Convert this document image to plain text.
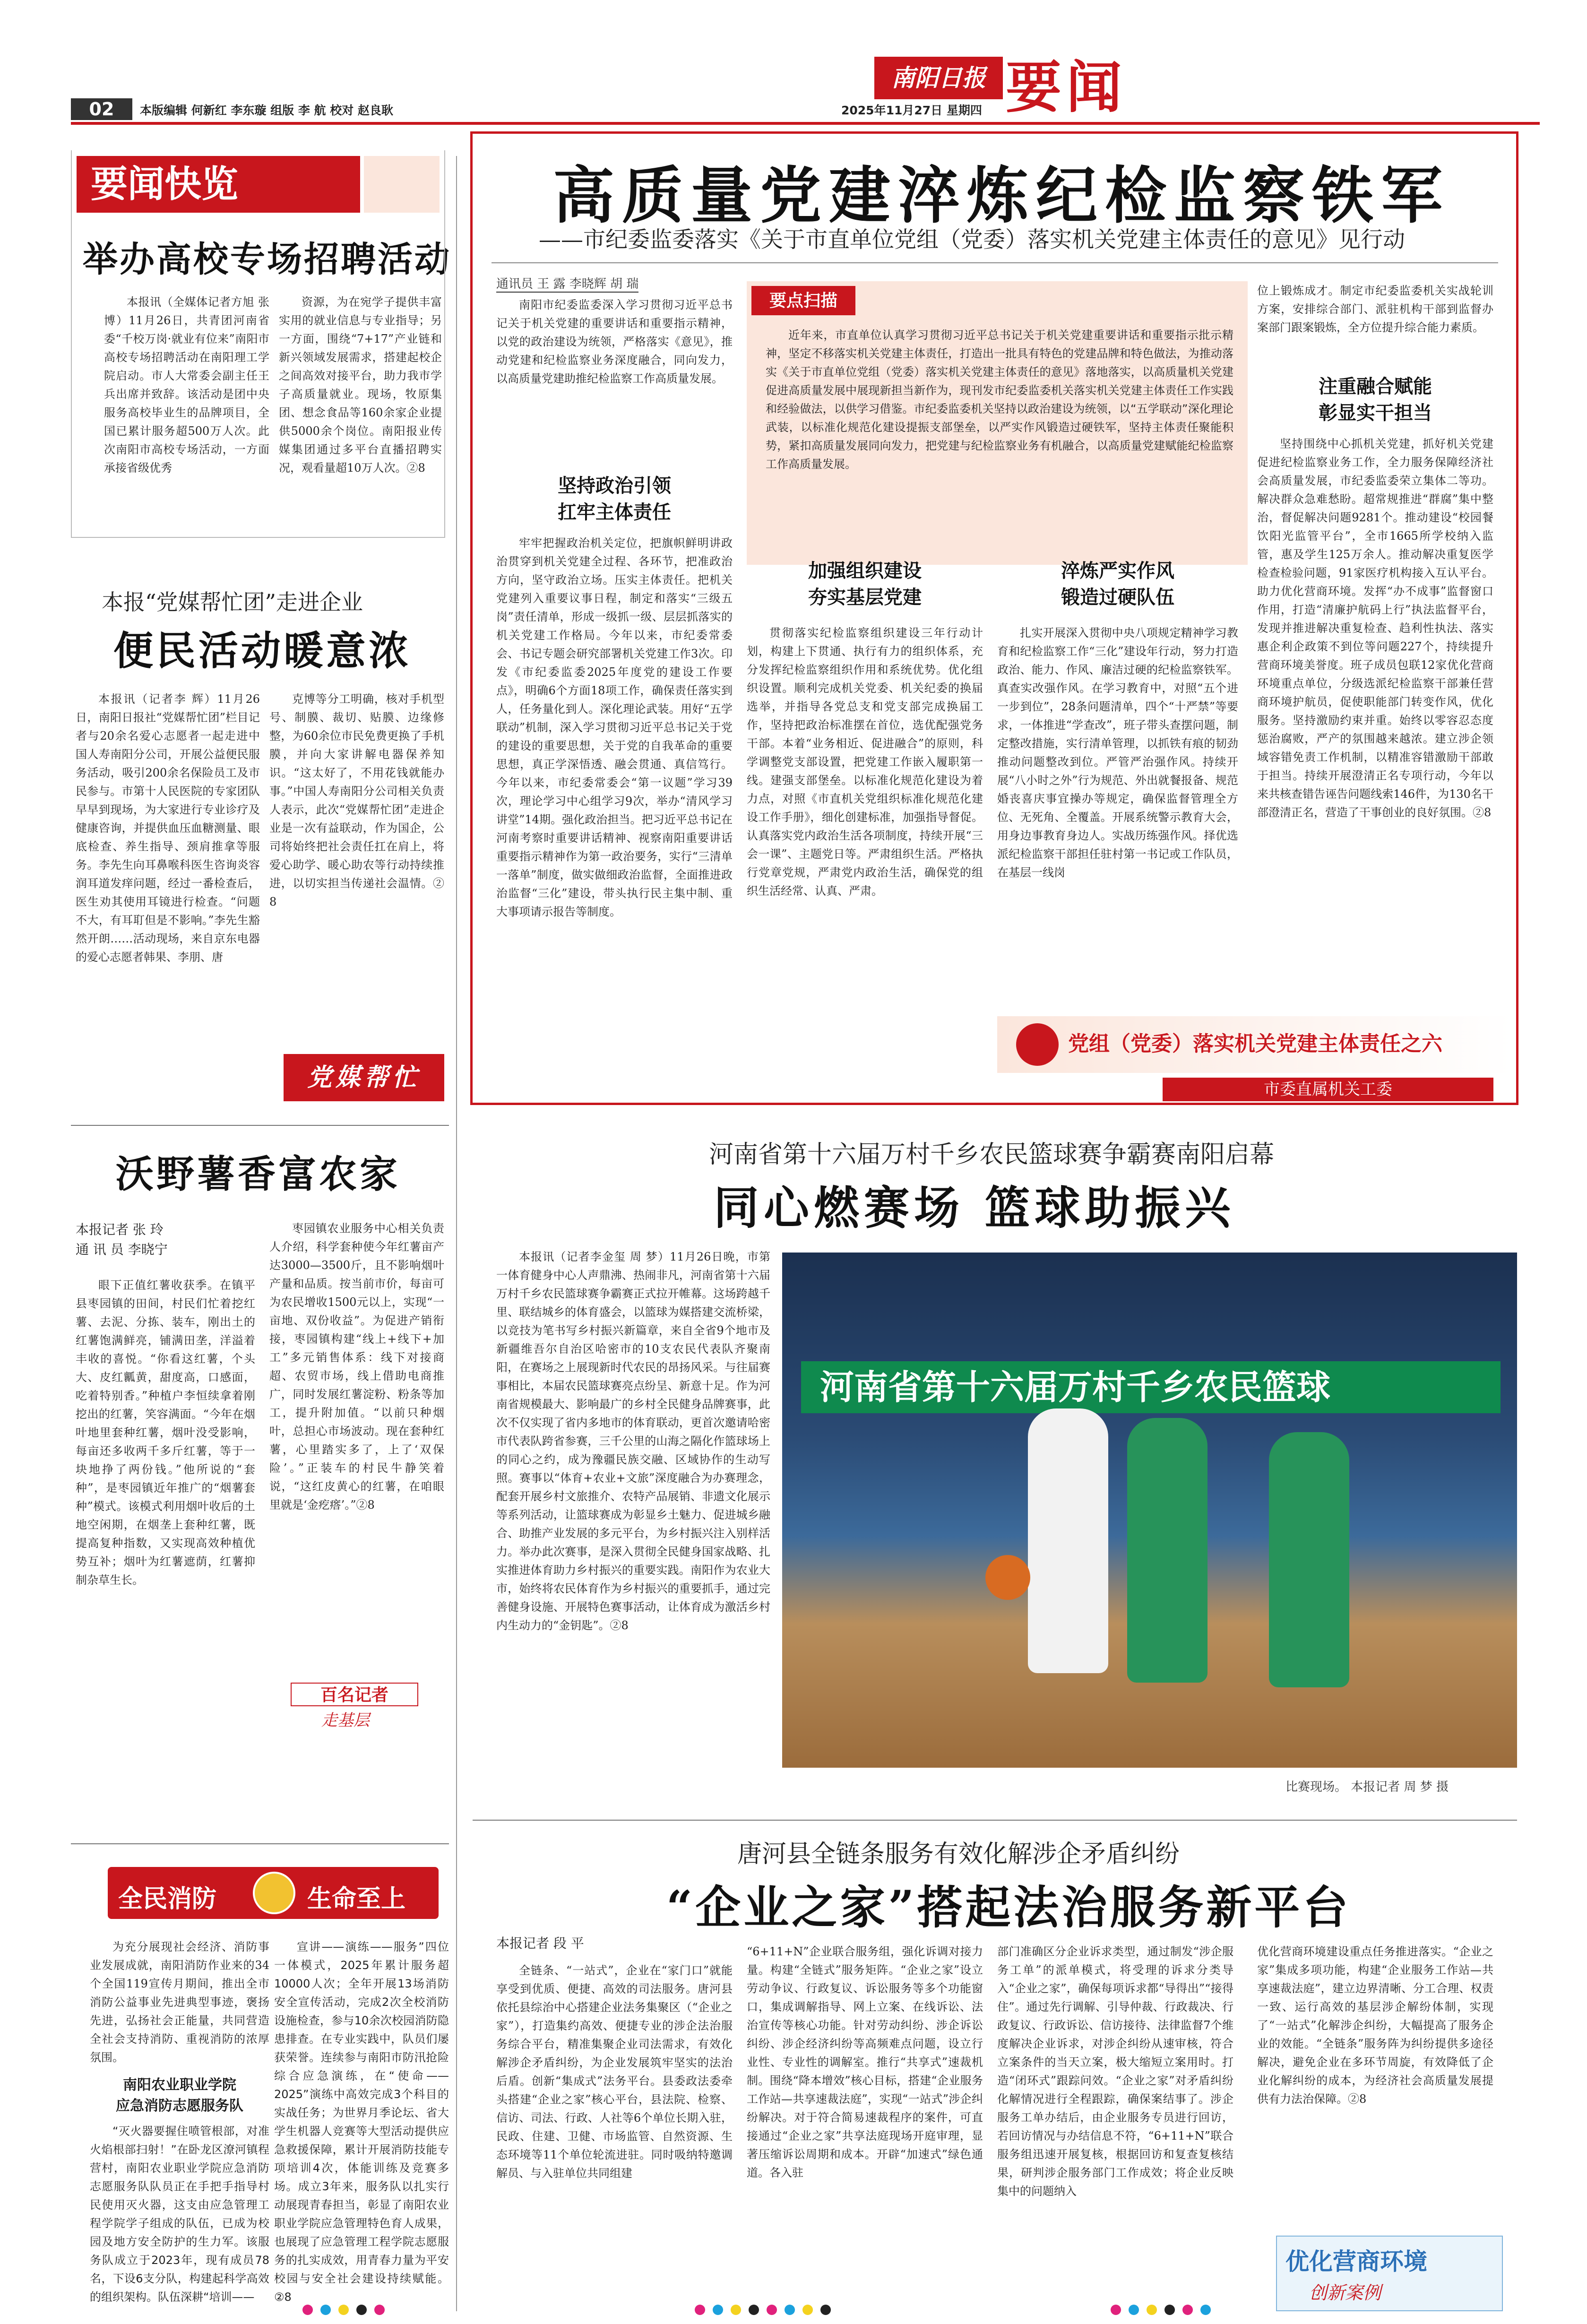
02	本版编辑 何新红 李东璇 组版 李 航 校对 赵良耿	2025年11月27日 星期四
南阳日报 要闻
要闻快览
举办高校专场招聘活动

本报讯（全媒体记者方旭 张 博）11月26日，共青团河南省委“千校万岗·就业有位来”南阳市高校专场招聘活动在南阳理工学院启动。市人大常委会副主任王兵出席并致辞。该活动是团中央服务高校毕业生的品牌项目，全国已累计服务超500万人次。此次南阳市高校专场活动，一方面承接省级优秀

资源，为在宛学子提供丰富实用的就业信息与专业指导；另一方面，围绕“7+17”产业链和新兴领域发展需求，搭建起校企之间高效对接平台，助力我市学子高质量就业。现场，牧原集团、想念食品等160余家企业提供5000余个岗位。南阳报业传媒集团通过多平台直播招聘实况，观看量超10万人次。②8

本报“党媒帮忙团”走进企业
便民活动暖意浓

本报讯（记者李 辉）11月26日，南阳日报社“党媒帮忙团”栏目记者与20余名爱心志愿者一起走进中国人寿南阳分公司，开展公益便民服务活动，吸引200余名保险员工及市民参与。市第十人民医院的专家团队早早到现场，为大家进行专业诊疗及健康咨询，并提供血压血糖测量、眼底检查、养生指导、颈肩推拿等服务。李先生向耳鼻喉科医生咨询炎容润耳道发痒问题，经过一番检查后，医生劝其使用耳镜进行检查。“问题不大，有耳耵但是不影响。”李先生豁然开朗……活动现场，来自京东电器的爱心志愿者韩果、李朋、唐

克博等分工明确，核对手机型号、制膜、裁切、贴膜、边缘修整，为60余位市民免费更换了手机膜，并向大家讲解电器保养知识。“这太好了，不用花钱就能办事。”中国人寿南阳分公司相关负责人表示，此次“党媒帮忙团”走进企业是一次有益联动，作为国企，公司将始终把社会责任扛在肩上，将爱心助学、暖心助农等行动持续推进，以切实担当传递社会温情。②8

党媒帮忙
高质量党建淬炼纪检监察铁军
——市纪委监委落实《关于市直单位党组（党委）落实机关党建主体责任的意见》见行动
通讯员 王 露 李晓辉 胡 瑞

南阳市纪委监委深入学习贯彻习近平总书记关于机关党建的重要讲话和重要指示精神，以党的政治建设为统领，严格落实《意见》，推动党建和纪检监察业务深度融合，同向发力，以高质量党建助推纪检监察工作高质量发展。

坚持政治引领
扛牢主体责任

牢牢把握政治机关定位，把旗帜鲜明讲政治贯穿到机关党建全过程、各环节，把准政治方向，坚守政治立场。压实主体责任。把机关党建列入重要议事日程，制定和落实“三级五岗”责任清单，形成一级抓一级、层层抓落实的机关党建工作格局。今年以来，市纪委常委会、书记专题会研究部署机关党建工作3次。印发《市纪委监委2025年度党的建设工作要点》，明确6个方面18项工作，确保责任落实到人，任务量化到人。深化理论武装。用好“五学联动”机制，深入学习贯彻习近平总书记关于党的建设的重要思想，关于党的自我革命的重要思想，真正学深悟透、融会贯通、真信笃行。今年以来，市纪委常委会“第一议题”学习39次，理论学习中心组学习9次，举办“清风学习讲堂”14期。强化政治担当。把习近平总书记在河南考察时重要讲话精神、视察南阳重要讲话重要指示精神作为第一政治要务，实行“三清单一落单”制度，做实做细政治监督，全面推进政治监督“三化”建设，带头执行民主集中制、重大事项请示报告等制度。

要点扫描

近年来，市直单位认真学习贯彻习近平总书记关于机关党建重要讲话和重要指示批示精神，坚定不移落实机关党建主体责任，打造出一批具有特色的党建品牌和特色做法，为推动落实《关于市直单位党组（党委）落实机关党建主体责任的意见》落地落实，以高质量机关党建促进高质量发展中展现新担当新作为，现刊发市纪委监委机关落实机关党建主体责任工作实践和经验做法，以供学习借鉴。市纪委监委机关坚持以政治建设为统领，以“五学联动”深化理论武装，以标准化规范化建设提振支部堡垒，以严实作风锻造过硬铁军，坚持主体责任聚能积势，紧扣高质量发展同向发力，把党建与纪检监察业务有机融合，以高质量党建赋能纪检监察工作高质量发展。

加强组织建设
夯实基层党建

贯彻落实纪检监察组织建设三年行动计划，构建上下贯通、执行有力的组织体系，充分发挥纪检监察组织作用和系统优势。优化组织设置。顺利完成机关党委、机关纪委的换届选举，并指导各党总支和党支部完成换届工作，坚持把政治标准摆在首位，选优配强党务干部。本着“业务相近、促进融合”的原则，科学调整党支部设置，把党建工作嵌入履职第一线。建强支部堡垒。以标准化规范化建设为着力点，对照《市直机关党组织标准化规范化建设工作手册》，细化创建标准，加强指导督促。认真落实党内政治生活各项制度，持续开展“三会一课”、主题党日等。严肃组织生活。严格执行党章党规，严肃党内政治生活，确保党的组织生活经常、认真、严肃。

淬炼严实作风
锻造过硬队伍

扎实开展深入贯彻中央八项规定精神学习教育和纪检监察工作“三化”建设年行动，努力打造政治、能力、作风、廉洁过硬的纪检监察铁军。真查实改强作风。在学习教育中，对照“五个进一步到位”，28条问题清单，四个“十严禁”等要求，一体推进“学查改”，班子带头查摆问题，制定整改措施，实行清单管理，以抓铁有痕的韧劲推动问题整改到位。严管严治强作风。持续开展“八小时之外”行为规范、外出就餐报备、规范婚丧喜庆事宜操办等规定，确保监督管理全方位、无死角、全覆盖。开展系统警示教育大会，用身边事教育身边人。实战历练强作风。择优选派纪检监察干部担任驻村第一书记或工作队员，在基层一线岗

位上锻炼成才。制定市纪委监委机关实战轮训方案，安排综合部门、派驻机构干部到监督办案部门跟案锻炼，全方位提升综合能力素质。

注重融合赋能
彰显实干担当

坚持围绕中心抓机关党建，抓好机关党建促进纪检监察业务工作，全力服务保障经济社会高质量发展，市纪委监委荣立集体二等功。解决群众急难愁盼。超常规推进“群腐”集中整治，督促解决问题9281个。推动建设“校园餐饮阳光监管平台”，全市1665所学校纳入监管，惠及学生125万余人。推动解决重复医学检查检验问题，91家医疗机构接入互认平台。助力优化营商环境。发挥“办不成事”监督窗口作用，打造“清廉护航码上行”执法监督平台，发现并推进解决重复检查、趋利性执法、落实惠企利企政策不到位等问题227个，持续提升营商环境美誉度。班子成员包联12家优化营商环境重点单位，分级选派纪检监察干部兼任营商环境护航员，促使职能部门转变作风，优化服务。坚持激励约束并重。始终以零容忍态度惩治腐败，严产的氛围越来越浓。建立涉企领域容错免责工作机制，以精准容错激励干部敢于担当。持续开展澄清正名专项行动，今年以来共核查错告诬告问题线索146件，为130名干部澄清正名，营造了干事创业的良好氛围。②8

党组（党委）落实机关党建主体责任之六
市委直属机关工委
沃野薯香富农家
本报记者 张 玲
通 讯 员 李晓宁

眼下正值红薯收获季。在镇平县枣园镇的田间，村民们忙着挖红薯、去泥、分拣、装车，刚出土的红薯饱满鲜亮，铺满田垄，洋溢着丰收的喜悦。“你看这红薯，个头大、皮红瓤黄，甜度高，口感面，吃着特别香。”种植户李恒续拿着刚挖出的红薯，笑容满面。“今年在烟叶地里套种红薯，烟叶没受影响，每亩还多收两千多斤红薯，等于一块地挣了两份钱。”他所说的“套种”，是枣园镇近年推广的“烟薯套种”模式。该模式利用烟叶收后的土地空闲期，在烟垄上套种红薯，既提高复种指数，又实现高效种植优势互补；烟叶为红薯遮荫，红薯抑制杂草生长。

枣园镇农业服务中心相关负责人介绍，科学套种使今年红薯亩产达3000—3500斤，且不影响烟叶产量和品质。按当前市价，每亩可为农民增收1500元以上，实现“一亩地、双份收益”。为促进产销衔接，枣园镇构建“线上+线下+加工”多元销售体系：线下对接商超、农贸市场，线上借助电商推广，同时发展红薯淀粉、粉条等加工，提升附加值。“以前只种烟叶，总担心市场波动。现在套种红薯，心里踏实多了，上了‘双保险’。”正装车的村民牛静笑着说，“这红皮黄心的红薯，在咱眼里就是‘金疙瘩’。”②8

百名记者
走基层
全民消防	生命至上

为充分展现社会经济、消防事业发展成就，南阳消防作业来的34个全国119宣传月期间，推出全市消防公益事业先进典型事迹，褒扬先进，弘扬社会正能量，共同营造全社会支持消防、重视消防的浓厚氛围。

南阳农业职业学院
应急消防志愿服务队

“灭火器要握住喷管根部，对准火焰根部扫射！”在卧龙区潦河镇程营村，南阳农业职业学院应急消防志愿服务队队员正在手把手指导村民使用灭火器，这支由应急管理工程学院学子组成的队伍，已成为校园及地方安全防护的生力军。该服务队成立于2023年，现有成员78名，下设6支分队，构建起科学高效的组织架构。队伍深耕“培训——

宣讲——演练——服务”四位一体模式，2025年累计服务超10000人次；全年开展13场消防安全宣传活动，完成2次全校消防设施检查，参与10余次校园消防隐患排查。在专业实践中，队员们屡获荣誉。连续参与南阳市防汛抢险综合应急演练，在“使命——2025”演练中高效完成3个科目的实战任务；为世界月季论坛、省大学生机器人竞赛等大型活动提供应急救援保障，累计开展消防技能专项培训4次，体能训练及竞赛多场。成立3年来，服务队以扎实行动展现青春担当，彰显了南阳农业职业学院应急管理特色育人成果，也展现了应急管理工程学院志愿服务的扎实成效，用青春力量为平安校园与安全社会建设持续赋能。②8

河南省第十六届万村千乡农民篮球赛争霸赛南阳启幕
同心燃赛场 篮球助振兴

本报讯（记者李金玺 周 梦）11月26日晚，市第一体育健身中心人声鼎沸、热闹非凡，河南省第十六届万村千乡农民篮球赛争霸赛正式拉开帷幕。这场跨越千里、联结城乡的体育盛会，以篮球为媒搭建交流桥梁，以竞技为笔书写乡村振兴新篇章，来自全省9个地市及新疆维吾尔自治区哈密市的10支农民代表队齐聚南阳，在赛场之上展现新时代农民的昂扬风采。与往届赛事相比，本届农民篮球赛亮点纷呈、新意十足。作为河南省规模最大、影响最广的乡村全民健身品牌赛事，此次不仅实现了省内多地市的体育联动，更首次邀请哈密市代表队跨省参赛，三千公里的山海之隔化作篮球场上的同心之约，成为豫疆民族交融、区域协作的生动写照。赛事以“体育+农业+文旅”深度融合为办赛理念，配套开展乡村文旅推介、农特产品展销、非遗文化展示等系列活动，让篮球赛成为彰显乡土魅力、促进城乡融合、助推产业发展的多元平台，为乡村振兴注入别样活力。举办此次赛事，是深入贯彻全民健身国家战略、扎实推进体育助力乡村振兴的重要实践。南阳作为农业大市，始终将农民体育作为乡村振兴的重要抓手，通过完善健身设施、开展特色赛事活动，让体育成为激活乡村内生动力的“金钥匙”。②8

河南省第十六届万村千乡农民篮球
比赛现场。 本报记者 周 梦 摄
唐河县全链条服务有效化解涉企矛盾纠纷
“企业之家”搭起法治服务新平台
本报记者 段 平

全链条、“一站式”，企业在“家门口”就能享受到优质、便捷、高效的司法服务。唐河县依托县综治中心搭建企业法务集聚区（“企业之家”），打造集约高效、便捷专业的涉企法治服务综合平台，精准集聚企业司法需求，有效化解涉企矛盾纠纷，为企业发展筑牢坚实的法治后盾。创新“集成式”法务平台。县委政法委牵头搭建“企业之家”核心平台，县法院、检察、信访、司法、行政、人社等6个单位长期入驻，民政、住建、卫健、市场监管、自然资源、生态环境等11个单位轮流进驻。同时吸纳特邀调解员、与入驻单位共同组建

“6+11+N”企业联合服务组，强化诉调对接力量。构建“全链式”服务矩阵。“企业之家”设立劳动争议、行政复议、诉讼服务等多个功能窗口，集成调解指导、网上立案、在线诉讼、法治宣传等核心功能。针对劳动纠纷、涉企诉讼纠纷、涉企经济纠纷等高频难点问题，设立行业性、专业性的调解室。推行“共享式”速裁机制。围绕“降本增效”核心目标，搭建“企业服务工作站—共享速裁法庭”，实现“一站式”涉企纠纷解决。对于符合简易速裁程序的案件，可直接通过“企业之家”共享法庭现场开庭审理，显著压缩诉讼周期和成本。开辟“加速式”绿色通道。各入驻

部门准确区分企业诉求类型，通过制发“涉企服务工单”的派单模式，将受理的诉求分类导入“企业之家”，确保每项诉求都“导得出”“接得住”。通过先行调解、引导仲裁、行政裁决、行政复议、行政诉讼、信访接待、法律监督7个维度解决企业诉求，对涉企纠纷从速审核，符合立案条件的当天立案，极大缩短立案用时。打造“闭环式”跟踪问效。“企业之家”对矛盾纠纷化解情况进行全程跟踪，确保案结事了。涉企服务工单办结后，由企业服务专员进行回访，若回访情况与办结信息不符，“6+11+N”联合服务组迅速开展复核，根据回访和复查复核结果，研判涉企服务部门工作成效；将企业反映集中的问题纳入

优化营商环境建设重点任务推进落实。“企业之家”集成多项功能，构建“企业服务工作站—共享速裁法庭”，建立边界清晰、分工合理、权责一致、运行高效的基层涉企解纷体制，实现了“一站式”化解涉企纠纷，大幅提高了服务企业的效能。“全链条”服务阵为纠纷提供多途径解决，避免企业在多环节周旋，有效降低了企业化解纠纷的成本，为经济社会高质量发展提供有力法治保障。②8

优化营商环境
创新案例
